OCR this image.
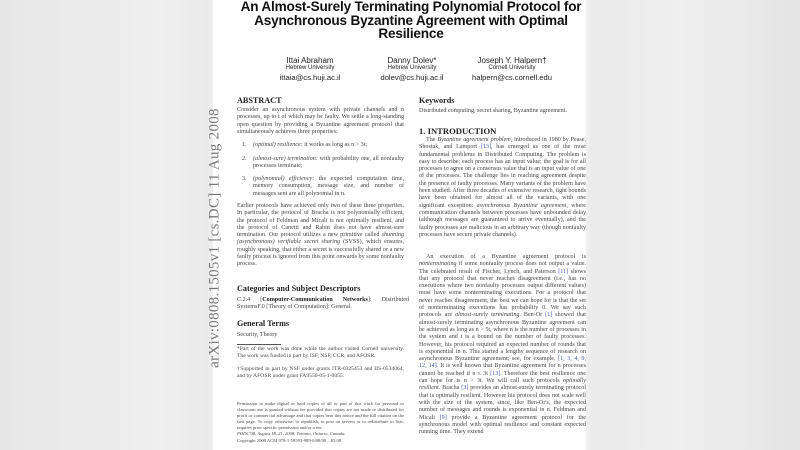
arXiv:0808.1505v1 [cs.DC] 11 Aug 2008
An Almost-Surely Terminating Polynomial Protocol for
Asynchronous Byzantine Agreement with Optimal
Resilience
Ittai Abraham
Hebrew University
ittaia@cs.huji.ac.il
Danny Dolev*
Hebrew University
dolev@cs.huji.ac.il
Joseph Y. Halpern†
Cornell University
halpern@cs.cornell.edu
ABSTRACT
Consider an asynchronous system with private channels and n processes, up to t of which may be faulty. We settle a long-standing open question by providing a Byzantine agreement protocol that simultaneously achieves three properties:
1. (optimal) resilience: it works as long as n > 3t;
2. (almost-sure) termination: with probability one, all nonfaulty processes terminate;
3. (polynomial) efficiency: the expected computation time, memory consumption, message size, and number of messages sent are all polynomial in n.
Earlier protocols have achieved only two of these three properties. In particular, the protocol of Bracha is not polynomially efficient, the protocol of Feldman and Micali is not optimally resilient, and the protocol of Canetti and Rabin does not have almost-sure termination. Our protocol utilizes a new primitive called shunning (asynchronous) verifiable secret sharing (SVSS), which ensures, roughly speaking, that either a secret is successfully shared or a new faulty process is ignored from this point onwards by some nonfaulty process.
Categories and Subject Descriptors
C.2.4 [Computer-Communication Networks]: Distributed SystemsF.0 [Theory of Computation]: General.
General Terms
Security, Theory
*Part of the work was done while the author visited Cornell university. The work was funded in part by ISF, NSF, CCR, and AFOSR.
†Supported in part by NSF under grants ITR-0325453 and IIS-0534064, and by AFOSR under grant FA9550-05-1-0055.
Permission to make digital or hard copies of all or part of this work for personal or classroom use is granted without fee provided that copies are not made or distributed for profit or commercial advantage and that copies bear this notice and the full citation on the first page. To copy otherwise, to republish, to post on servers or to redistribute to lists, requires prior specific permission and/or a fee.
PODC'08, August 18–21, 2008, Toronto, Ontario, Canada.
Copyright 2008 ACM 978-1-59593-989-0/08/08 ...$5.00.
Keywords
Distributed computing, secret sharing, Byzantine agreement.
1. INTRODUCTION
The Byzantine agreement problem, introduced in 1980 by Pease, Shostak, and Lamport [13], has emerged as one of the most fundamental problems in Distributed Computing. The problem is easy to describe: each process has an input value; the goal is for all processes to agree on a consensus value that is an input value of one of the processes. The challenge lies in reaching agreement despite the presence of faulty processes. Many variants of the problem have been studied. After three decades of extensive research, tight bounds have been obtained for almost all of the variants, with one significant exception: asynchronous Byzantine agreement, where communication channels between processes have unbounded delay (although messages are guaranteed to arrive eventually), and the faulty processes are malicious in an arbitrary way (though nonfaulty processes have secure private channels).
An execution of a Byzantine agreement protocol is nonterminating if some nonfaulty process does not output a value. The celebrated result of Fischer, Lynch, and Paterson [11] shows that any protocol that never reaches disagreement (i.e., has no executions where two nonfaulty processes output different values) must have some nonterminating executions. For a protocol that never reaches disagreement, the best we can hope for is that the set of nonterminating executions has probability 0. We say such protocols are almost-surely terminating. Ben-Or [1] showed that almost-surely terminating asynchronous Byzantine agreement can be achieved as long as n > 5t, where n is the number of processes in the system and t is a bound on the number of faulty processes. However, his protocol required an expected number of rounds that is exponential in n. This started a lengthy sequence of research on asynchronous Byzantine agreement; see, for example, [1, 3, 4, 9, 12, 14]. It is well known that Byzantine agreement for n processes cannot be reached if n ≤ 3t [13]. Therefore the best resilience one can hope for is n > 3t. We will call such protocols optimally resilient. Bracha [3] provides an almost-surely terminating protocol that is optimally resilient. However his protocol does not scale well with the size of the system, since, like Ben-Or's, the expected number of messages and rounds is exponential in n. Feldman and Micali [9] provide a Byzantine agreement protocol for the synchronous model with optimal resilience and constant expected running time. They extend
